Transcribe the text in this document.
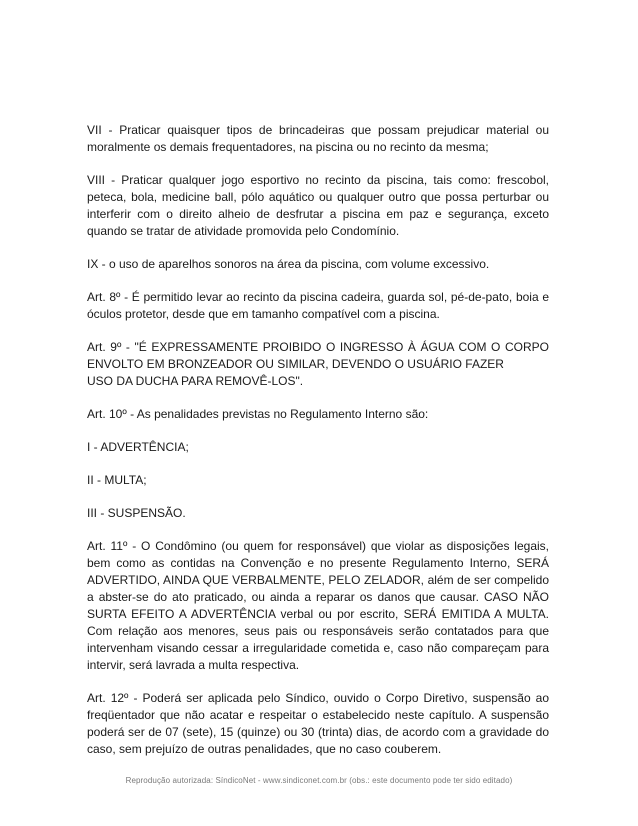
VII - Praticar quaisquer tipos de brincadeiras que possam prejudicar material ou moralmente os demais frequentadores, na piscina ou no recinto da mesma;

VIII - Praticar qualquer jogo esportivo no recinto da piscina, tais como: frescobol, peteca, bola, medicine ball, pólo aquático ou qualquer outro que possa perturbar ou interferir com o direito alheio de desfrutar a piscina em paz e segurança, exceto quando se tratar de atividade promovida pelo Condomínio.

IX - o uso de aparelhos sonoros na área da piscina, com volume excessivo.

Art. 8º - É permitido levar ao recinto da piscina cadeira, guarda sol, pé-de-pato, boia e óculos protetor, desde que em tamanho compatível com a piscina.

Art. 9º - "É EXPRESSAMENTE PROIBIDO O INGRESSO À ÁGUA COM O CORPO ENVOLTO EM BRONZEADOR OU SIMILAR, DEVENDO O USUÁRIO FAZER
USO DA DUCHA PARA REMOVÊ-LOS".

Art. 10º - As penalidades previstas no Regulamento Interno são:

I - ADVERTÊNCIA;

II - MULTA;

III - SUSPENSÃO.

Art. 11º - O Condômino (ou quem for responsável) que violar as disposições legais, bem como as contidas na Convenção e no presente Regulamento Interno, SERÁ ADVERTIDO, AINDA QUE VERBALMENTE, PELO ZELADOR, além de ser compelido a abster-se do ato praticado, ou ainda a reparar os danos que causar. CASO NÃO SURTA EFEITO A ADVERTÊNCIA verbal ou por escrito, SERÁ EMITIDA A MULTA. Com relação aos menores, seus pais ou responsáveis serão contatados para que intervenham visando cessar a irregularidade cometida e, caso não compareçam para intervir, será lavrada a multa respectiva.

Art. 12º - Poderá ser aplicada pelo Síndico, ouvido o Corpo Diretivo, suspensão ao freqüentador que não acatar e respeitar o estabelecido neste capítulo. A suspensão poderá ser de 07 (sete), 15 (quinze) ou 30 (trinta) dias, de acordo com a gravidade do caso, sem prejuízo de outras penalidades, que no caso couberem.

Reprodução autorizada: SíndicoNet - www.sindiconet.com.br (obs.: este documento pode ter sido editado)
